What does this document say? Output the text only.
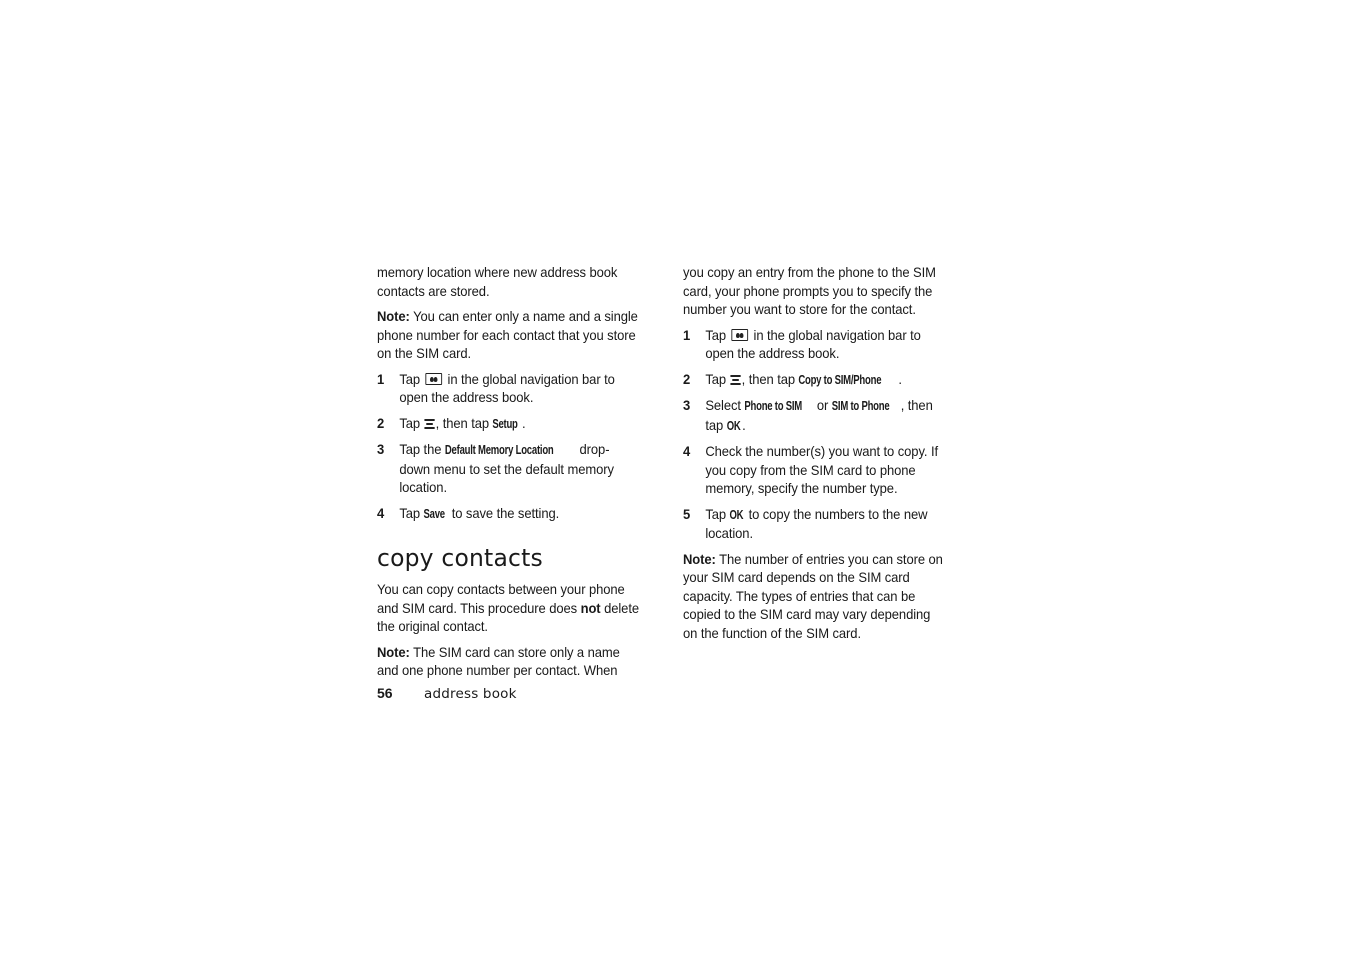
memory location where new address book contacts are stored.

Note: You can enter only a name and a single phone number for each contact that you store on the SIM card.

1 Tap  in the global navigation bar to open the address book.
2 Tap
, then tap Setup .
3 Tap the Default Memory Location drop-down menu to set the default memory location.
4 Tap Save to save the setting.
copy contacts

You can copy contacts between your phone and SIM card. This procedure does not delete the original contact.

Note: The SIM card can store only a name and one phone number per contact. When

you copy an entry from the phone to the SIM card, your phone prompts you to specify the number you want to store for the contact.

1 Tap  in the global navigation bar to open the address book.
2 Tap
, then tap Copy to SIM/Phone .
3 Select Phone to SIM or SIM to Phone , then tap OK .
4 Check the number(s) you want to copy. If you copy from the SIM card to phone memory, specify the number type.
5 Tap OK to copy the numbers to the new location.

Note: The number of entries you can store on your SIM card depends on the SIM card capacity. The types of entries that can be copied to the SIM card may vary depending on the function of the SIM card.

56 address book
